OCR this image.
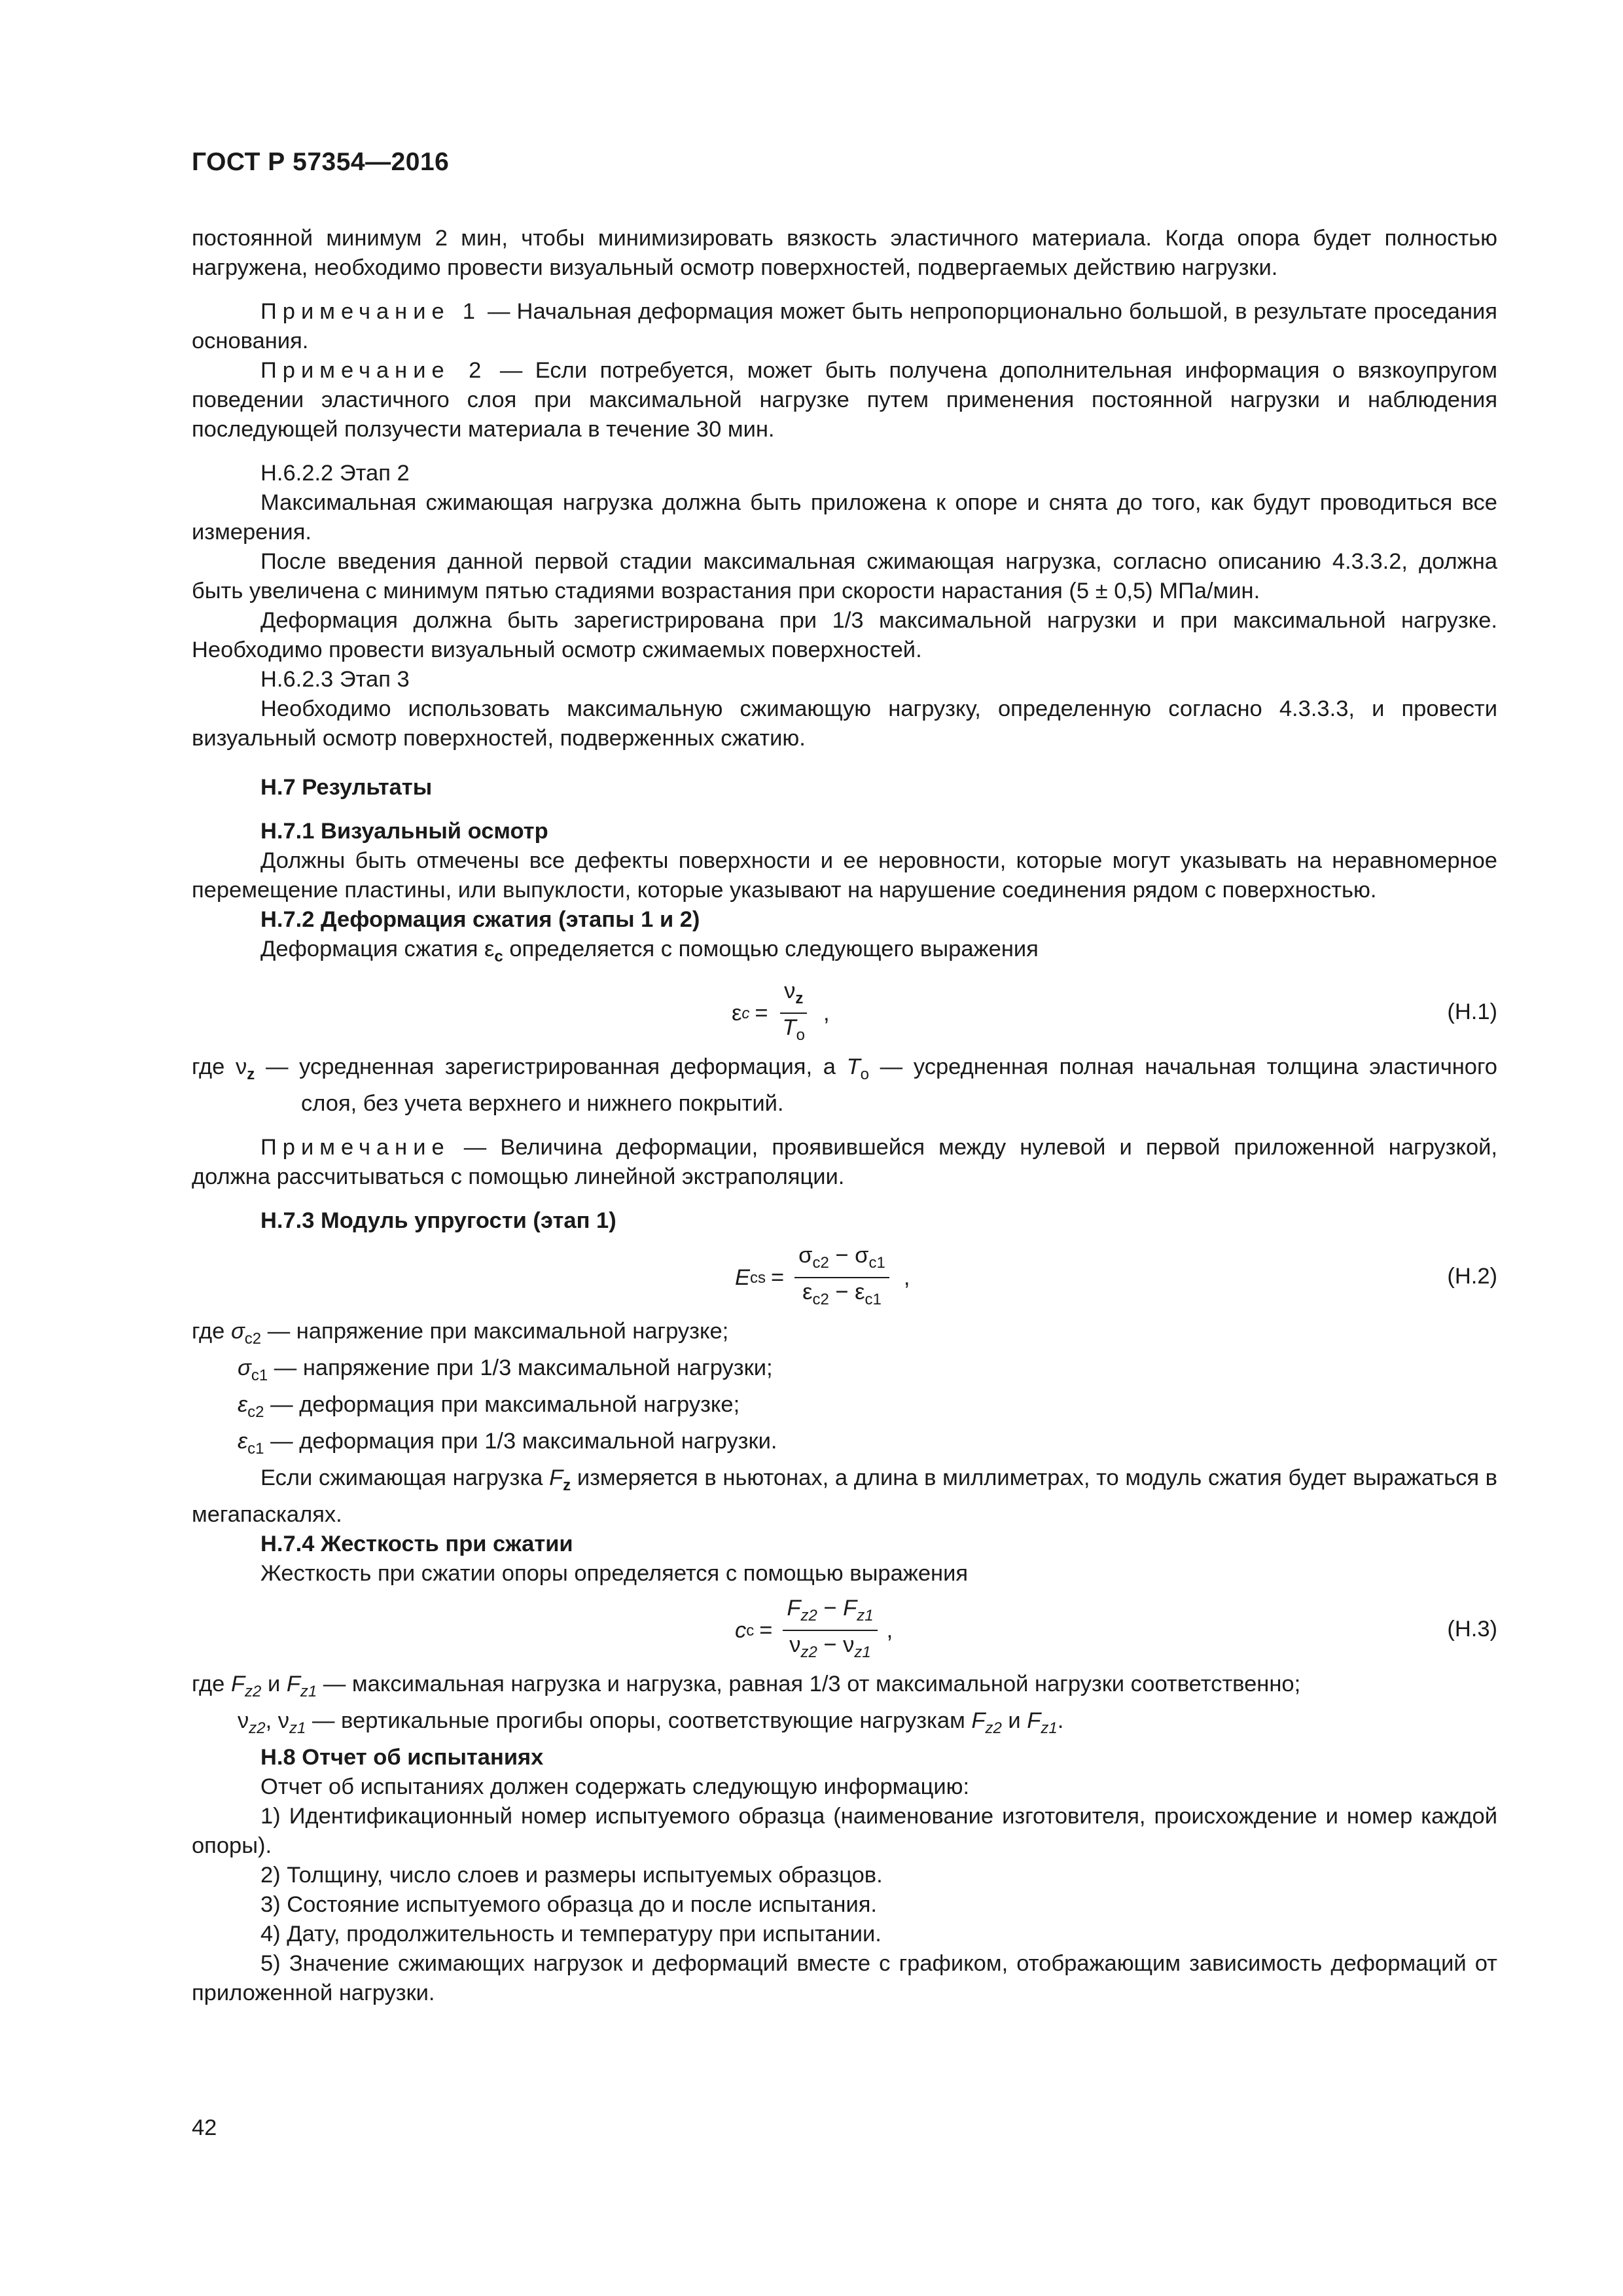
ГОСТ Р 57354—2016

постоянной минимум 2 мин, чтобы минимизировать вязкость эластичного материала. Когда опора будет полностью нагружена, необходимо провести визуальный осмотр поверхностей, подвергаемых действию нагрузки.

Примечание 1 — Начальная деформация может быть непропорционально большой, в результате проседания основания.

Примечание 2 — Если потребуется, может быть получена дополнительная информация о вязкоупругом поведении эластичного слоя при максимальной нагрузке путем применения постоянной нагрузки и наблюдения последующей ползучести материала в течение 30 мин.

Н.6.2.2 Этап 2

Максимальная сжимающая нагрузка должна быть приложена к опоре и снята до того, как будут проводиться все измерения.

После введения данной первой стадии максимальная сжимающая нагрузка, согласно описанию 4.3.3.2, должна быть увеличена с минимум пятью стадиями возрастания при скорости нарастания (5 ± 0,5) МПа/мин.

Деформация должна быть зарегистрирована при 1/3 максимальной нагрузки и при максимальной нагрузке. Необходимо провести визуальный осмотр сжимаемых поверхностей.

Н.6.2.3 Этап 3

Необходимо использовать максимальную сжимающую нагрузку, определенную согласно 4.3.3.3, и провести визуальный осмотр поверхностей, подверженных сжатию.

Н.7 Результаты

Н.7.1 Визуальный осмотр

Должны быть отмечены все дефекты поверхности и ее неровности, которые могут указывать на неравномерное перемещение пластины, или выпуклости, которые указывают на нарушение соединения рядом с поверхностью.

Н.7.2 Деформация сжатия (этапы 1 и 2)

Деформация сжатия $\varepsilon_c$ определяется с помощью следующего выражения

ε $c = \frac{\nu_z}{T_o}$ ,	(Н.1)

где $\nu_z$ — усредненная зарегистрированная деформация, а $T_o$ — усредненная полная начальная толщина эластичного слоя, без учета верхнего и нижнего покрытий.

Примечание — Величина деформации, проявившейся между нулевой и первой приложенной нагрузкой, должна рассчитываться с помощью линейной экстраполяции.

Н.7.3 Модуль упругости (этап 1)

E cs = $\frac{\sigma_{c2} - \sigma_{c1}}{\varepsilon_{c2} - \varepsilon_{c1}}$ ,	(Н.2)

где $\sigma_{c2}$ — напряжение при максимальной нагрузке;

$\sigma_{c1}$ — напряжение при 1/3 максимальной нагрузки;

$\varepsilon_{c2}$ — деформация при максимальной нагрузке;

$\varepsilon_{c1}$ — деформация при 1/3 максимальной нагрузки.

Если сжимающая нагрузка $F_z$ измеряется в ньютонах, а длина в миллиметрах, то модуль сжатия будет выражаться в мегапаскалях.

Н.7.4 Жесткость при сжатии

Жесткость при сжатии опоры определяется с помощью выражения

c $c = \frac{F_{z2} - F_{z1}}{\nu_{z2} - \nu_{z1}}$ ,	(Н.3)

где $F_{z2}$ и $F_{z1}$ — максимальная нагрузка и нагрузка, равная 1/3 от максимальной нагрузки соответственно;

$\nu_{z2}$, $\nu_{z1}$ — вертикальные прогибы опоры, соответствующие нагрузкам $F_{z2}$ и $F_{z1}$.

Н.8 Отчет об испытаниях

Отчет об испытаниях должен содержать следующую информацию:

1) Идентификационный номер испытуемого образца (наименование изготовителя, происхождение и номер каждой опоры).

2) Толщину, число слоев и размеры испытуемых образцов.

3) Состояние испытуемого образца до и после испытания.

4) Дату, продолжительность и температуру при испытании.

5) Значение сжимающих нагрузок и деформаций вместе с графиком, отображающим зависимость деформаций от приложенной нагрузки.

42
